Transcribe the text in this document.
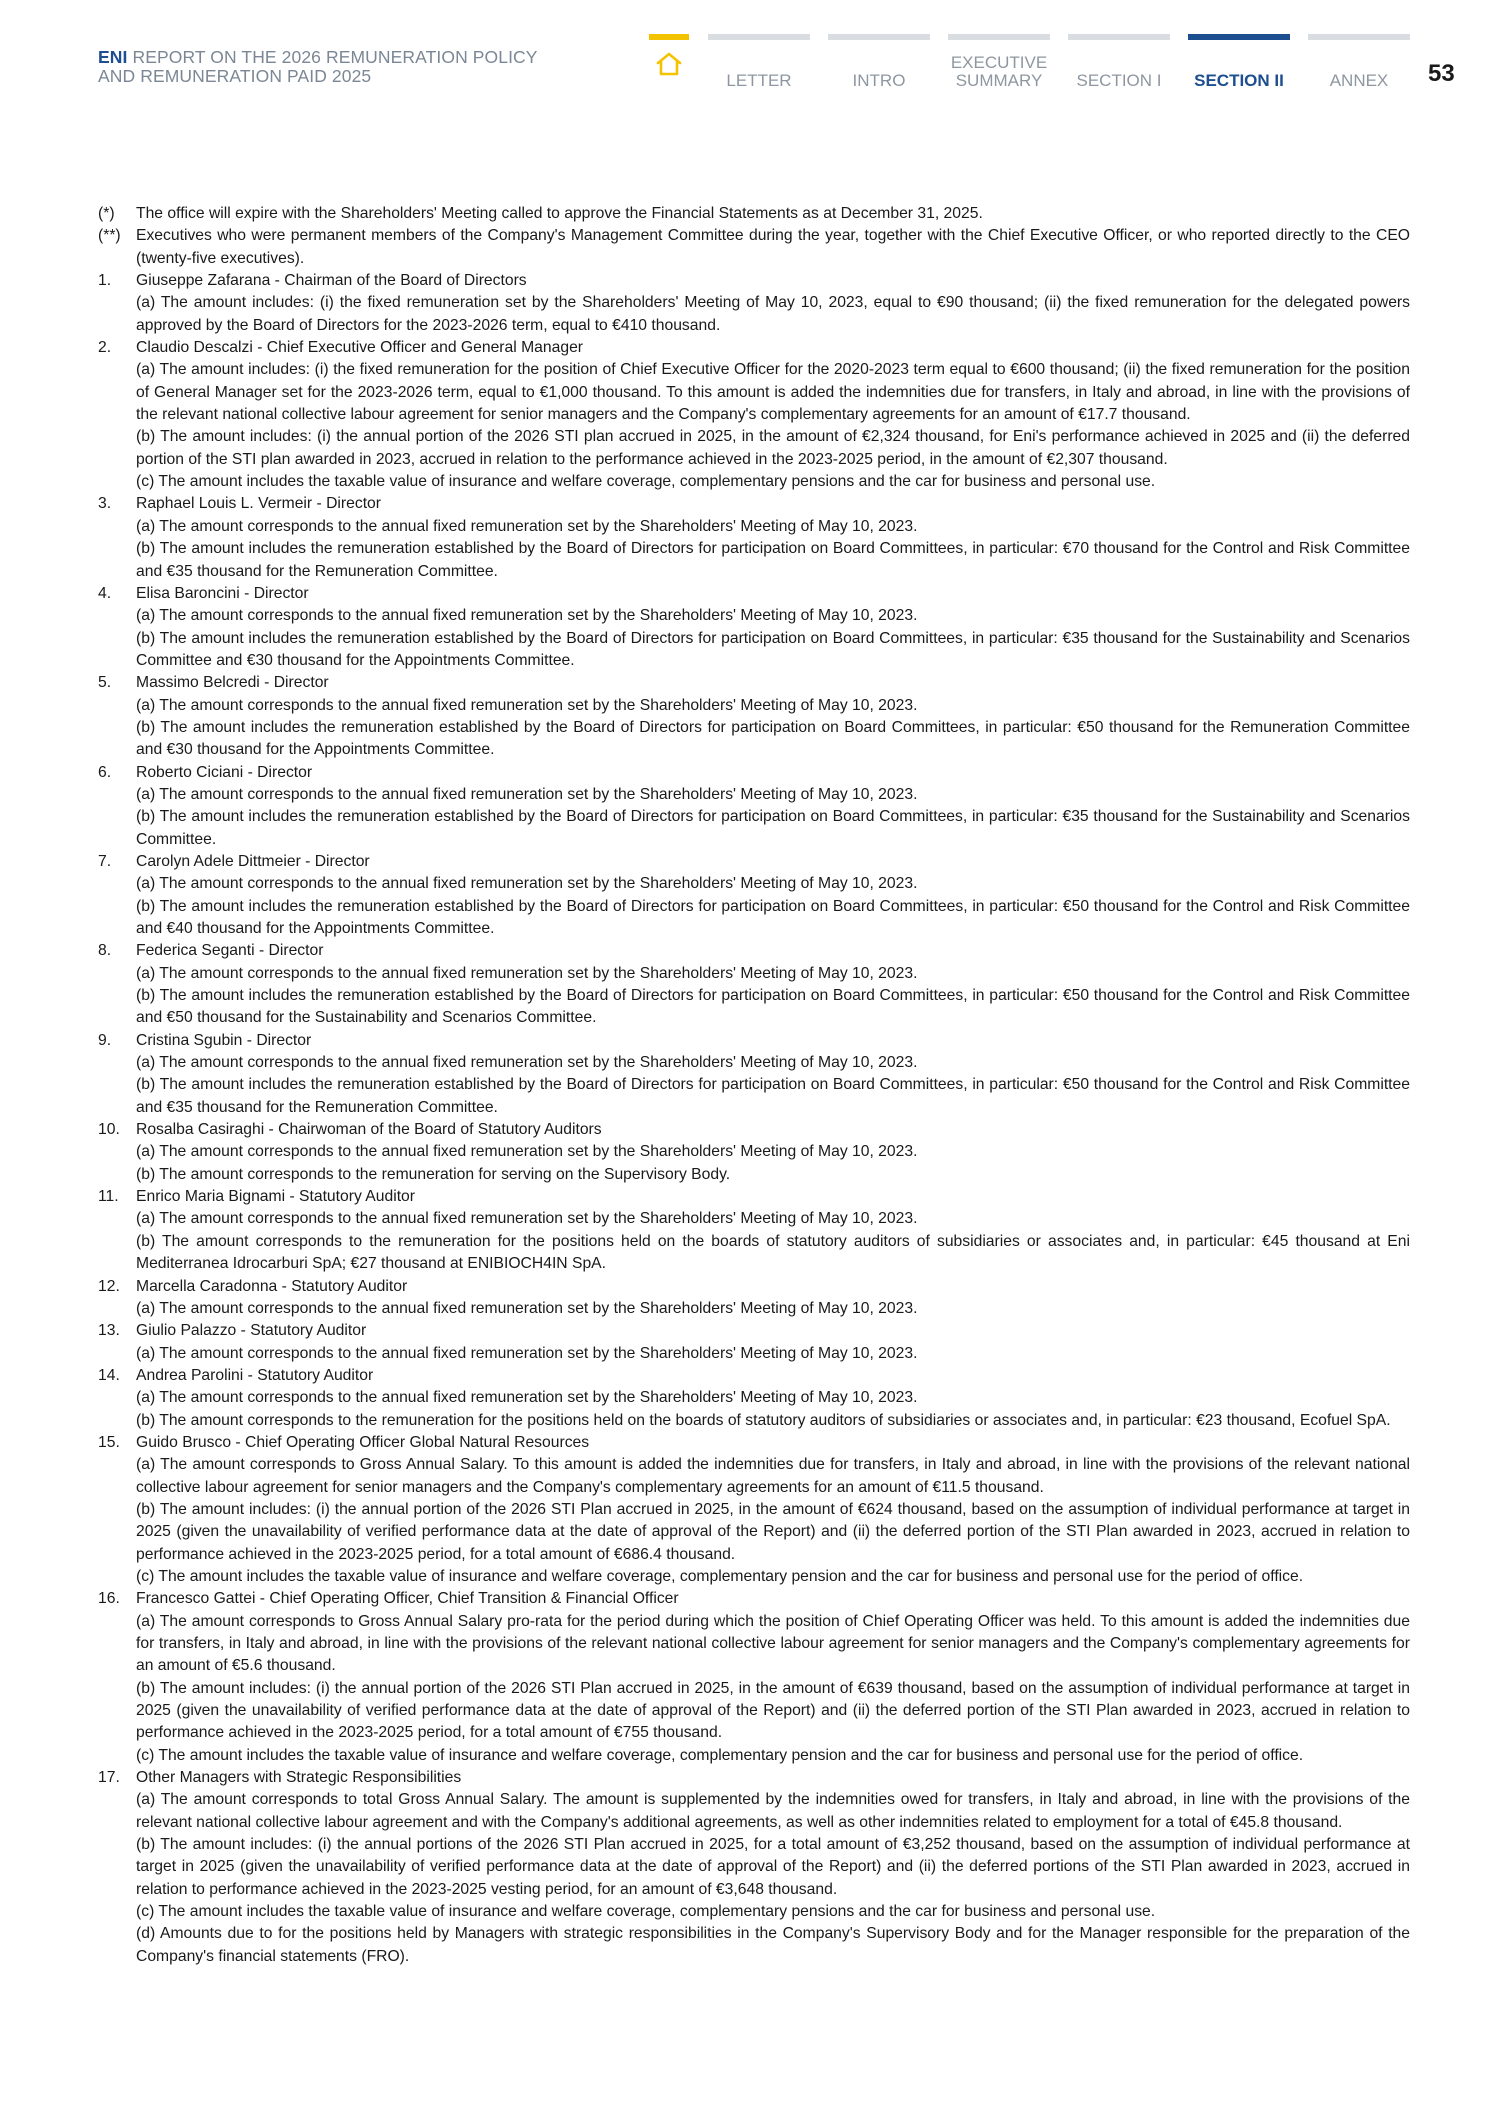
ENI REPORT ON THE 2026 REMUNERATION POLICY
AND REMUNERATION PAID 2025	LETTER	INTRO
EXECUTIVE
SUMMARY	SECTION I	SECTION II	ANNEX	53
(*)	The office will expire with the Shareholders' Meeting called to approve the Financial Statements as at December 31, 2025.
(**) Executives who were permanent members of the Company's Management Committee during the year, together with the Chief Executive Officer, or who reported directly to the CEO (twenty-five executives).
1.	Giuseppe Zafarana - Chairman of the Board of Directors
(a) The amount includes: (i) the fixed remuneration set by the Shareholders' Meeting of May 10, 2023, equal to €90 thousand; (ii) the fixed remuneration for the delegated powers approved by the Board of Directors for the 2023-2026 term, equal to €410 thousand.
2.	Claudio Descalzi - Chief Executive Officer and General Manager
(a) The amount includes: (i) the fixed remuneration for the position of Chief Executive Officer for the 2020-2023 term equal to €600 thousand; (ii) the fixed remuneration for the position of General Manager set for the 2023-2026 term, equal to €1,000 thousand. To this amount is added the indemnities due for transfers, in Italy and abroad, in line with the provisions of the relevant national collective labour agreement for senior managers and the Company's complementary agreements for an amount of €17.7 thousand.
(b) The amount includes: (i) the annual portion of the 2026 STI plan accrued in 2025, in the amount of €2,324 thousand, for Eni's performance achieved in 2025 and (ii) the deferred portion of the STI plan awarded in 2023, accrued in relation to the performance achieved in the 2023-2025 period, in the amount of €2,307 thousand.
(c) The amount includes the taxable value of insurance and welfare coverage, complementary pensions and the car for business and personal use.
3.	Raphael Louis L. Vermeir - Director
(a) The amount corresponds to the annual fixed remuneration set by the Shareholders' Meeting of May 10, 2023.
(b) The amount includes the remuneration established by the Board of Directors for participation on Board Committees, in particular: €70 thousand for the Control and Risk Committee and €35 thousand for the Remuneration Committee.
4.	Elisa Baroncini - Director
(a) The amount corresponds to the annual fixed remuneration set by the Shareholders' Meeting of May 10, 2023.
(b) The amount includes the remuneration established by the Board of Directors for participation on Board Committees, in particular: €35 thousand for the Sustainability and Scenarios Committee and €30 thousand for the Appointments Committee.
5.	Massimo Belcredi - Director
(a) The amount corresponds to the annual fixed remuneration set by the Shareholders' Meeting of May 10, 2023.
(b) The amount includes the remuneration established by the Board of Directors for participation on Board Committees, in particular: €50 thousand for the Remuneration Committee and €30 thousand for the Appointments Committee.
6.	Roberto Ciciani - Director
(a) The amount corresponds to the annual fixed remuneration set by the Shareholders' Meeting of May 10, 2023.
(b) The amount includes the remuneration established by the Board of Directors for participation on Board Committees, in particular: €35 thousand for the Sustainability and Scenarios Committee.
7.	Carolyn Adele Dittmeier - Director
(a) The amount corresponds to the annual fixed remuneration set by the Shareholders' Meeting of May 10, 2023.
(b) The amount includes the remuneration established by the Board of Directors for participation on Board Committees, in particular: €50 thousand for the Control and Risk Committee and €40 thousand for the Appointments Committee.
8.	Federica Seganti - Director
(a) The amount corresponds to the annual fixed remuneration set by the Shareholders' Meeting of May 10, 2023.
(b) The amount includes the remuneration established by the Board of Directors for participation on Board Committees, in particular: €50 thousand for the Control and Risk Committee and €50 thousand for the Sustainability and Scenarios Committee.
9.	Cristina Sgubin - Director
(a) The amount corresponds to the annual fixed remuneration set by the Shareholders' Meeting of May 10, 2023.
(b) The amount includes the remuneration established by the Board of Directors for participation on Board Committees, in particular: €50 thousand for the Control and Risk Committee and €35 thousand for the Remuneration Committee.
10.	Rosalba Casiraghi - Chairwoman of the Board of Statutory Auditors
(a) The amount corresponds to the annual fixed remuneration set by the Shareholders' Meeting of May 10, 2023.
(b) The amount corresponds to the remuneration for serving on the Supervisory Body.
11.	Enrico Maria Bignami - Statutory Auditor
(a) The amount corresponds to the annual fixed remuneration set by the Shareholders' Meeting of May 10, 2023.
(b) The amount corresponds to the remuneration for the positions held on the boards of statutory auditors of subsidiaries or associates and, in particular: €45 thousand at Eni Mediterranea Idrocarburi SpA; €27 thousand at ENIBIOCH4IN SpA.
12.	Marcella Caradonna - Statutory Auditor
(a) The amount corresponds to the annual fixed remuneration set by the Shareholders' Meeting of May 10, 2023.
13.	Giulio Palazzo - Statutory Auditor
(a) The amount corresponds to the annual fixed remuneration set by the Shareholders' Meeting of May 10, 2023.
14.	Andrea Parolini - Statutory Auditor
(a) The amount corresponds to the annual fixed remuneration set by the Shareholders' Meeting of May 10, 2023.
(b) The amount corresponds to the remuneration for the positions held on the boards of statutory auditors of subsidiaries or associates and, in particular: €23 thousand, Ecofuel SpA.
15.	Guido Brusco - Chief Operating Officer Global Natural Resources
(a) The amount corresponds to Gross Annual Salary. To this amount is added the indemnities due for transfers, in Italy and abroad, in line with the provisions of the relevant national collective labour agreement for senior managers and the Company's complementary agreements for an amount of €11.5 thousand.
(b) The amount includes: (i) the annual portion of the 2026 STI Plan accrued in 2025, in the amount of €624 thousand, based on the assumption of individual performance at target in 2025 (given the unavailability of verified performance data at the date of approval of the Report) and (ii) the deferred portion of the STI Plan awarded in 2023, accrued in relation to performance achieved in the 2023-2025 period, for a total amount of €686.4 thousand.
(c) The amount includes the taxable value of insurance and welfare coverage, complementary pension and the car for business and personal use for the period of office.
16.	Francesco Gattei - Chief Operating Officer, Chief Transition & Financial Officer
(a) The amount corresponds to Gross Annual Salary pro-rata for the period during which the position of Chief Operating Officer was held. To this amount is added the indemnities due for transfers, in Italy and abroad, in line with the provisions of the relevant national collective labour agreement for senior managers and the Company's complementary agreements for an amount of €5.6 thousand.
(b) The amount includes: (i) the annual portion of the 2026 STI Plan accrued in 2025, in the amount of €639 thousand, based on the assumption of individual performance at target in 2025 (given the unavailability of verified performance data at the date of approval of the Report) and (ii) the deferred portion of the STI Plan awarded in 2023, accrued in relation to performance achieved in the 2023-2025 period, for a total amount of €755 thousand.
(c) The amount includes the taxable value of insurance and welfare coverage, complementary pension and the car for business and personal use for the period of office.
17.	Other Managers with Strategic Responsibilities
(a) The amount corresponds to total Gross Annual Salary. The amount is supplemented by the indemnities owed for transfers, in Italy and abroad, in line with the provisions of the relevant national collective labour agreement and with the Company's additional agreements, as well as other indemnities related to employment for a total of €45.8 thousand.
(b) The amount includes: (i) the annual portions of the 2026 STI Plan accrued in 2025, for a total amount of €3,252 thousand, based on the assumption of individual performance at target in 2025 (given the unavailability of verified performance data at the date of approval of the Report) and (ii) the deferred portions of the STI Plan awarded in 2023, accrued in relation to performance achieved in the 2023-2025 vesting period, for an amount of €3,648 thousand.
(c) The amount includes the taxable value of insurance and welfare coverage, complementary pensions and the car for business and personal use.
(d) Amounts due to for the positions held by Managers with strategic responsibilities in the Company's Supervisory Body and for the Manager responsible for the preparation of the Company's financial statements (FRO).
